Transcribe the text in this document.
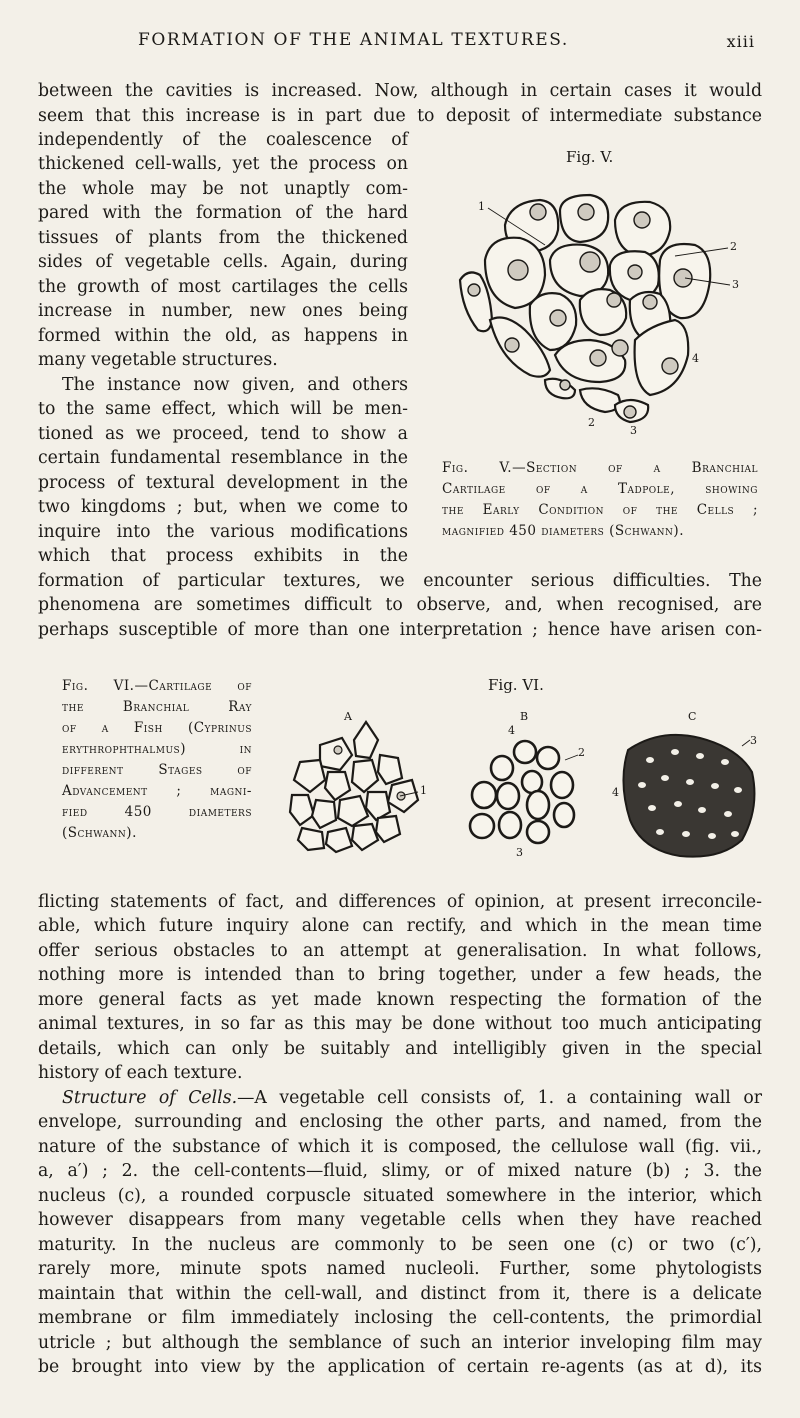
FORMATION OF THE ANIMAL TEXTURES.	xiii
between the cavities is increased. Now, although in certain cases it would
seem that this increase is in part due to deposit of intermediate substance
independently of the coalescence of
thickened cell-walls, yet the process on
the whole may be not unaptly com-
pared with the formation of the hard
tissues of plants from the thickened
sides of vegetable cells. Again, during
the growth of most cartilages the cells
increase in number, new ones being
formed within the old, as happens in
many vegetable structures.
The instance now given, and others
to the same effect, which will be men-
tioned as we proceed, tend to show a
certain fundamental resemblance in the
process of textural development in the
two kingdoms ; but, when we come to
inquire into the various modifications
which that process exhibits in the
Fig. V.
1
2
3
4
2
3
Fig. V.—Section of a Branchial
Cartilage of a Tadpole, showing
the Early Condition of the Cells ;
magnified 450 diameters (Schwann).
formation of particular textures, we encounter serious difficulties. The
phenomena are sometimes difficult to observe, and, when recognised, are
perhaps susceptible of more than one interpretation ; hence have arisen con-
Fig. VI.—Cartilage of
the Branchial Ray
of a Fish (Cyprinus
erythrophthalmus) in
different Stages of
Advancement ; magni-
fied 450 diameters
(Schwann).
Fig. VI.
A	B	C
1
4
2
3
3
4
flicting statements of fact, and differences of opinion, at present irreconcile-
able, which future inquiry alone can rectify, and which in the mean time
offer serious obstacles to an attempt at generalisation. In what follows,
nothing more is intended than to bring together, under a few heads, the
more general facts as yet made known respecting the formation of the
animal textures, in so far as this may be done without too much anticipating
details, which can only be suitably and intelligibly given in the special
history of each texture.
Structure of Cells.—A vegetable cell consists of, 1. a containing wall or
envelope, surrounding and enclosing the other parts, and named, from the
nature of the substance of which it is composed, the cellulose wall (fig. vii.,
a, a′) ; 2. the cell-contents—fluid, slimy, or of mixed nature (b) ; 3. the
nucleus (c), a rounded corpuscle situated somewhere in the interior, which
however disappears from many vegetable cells when they have reached
maturity. In the nucleus are commonly to be seen one (c) or two (c′),
rarely more, minute spots named nucleoli. Further, some phytologists
maintain that within the cell-wall, and distinct from it, there is a delicate
membrane or film immediately inclosing the cell-contents, the primordial
utricle ; but although the semblance of such an interior inveloping film may
be brought into view by the application of certain re-agents (as at d), its
